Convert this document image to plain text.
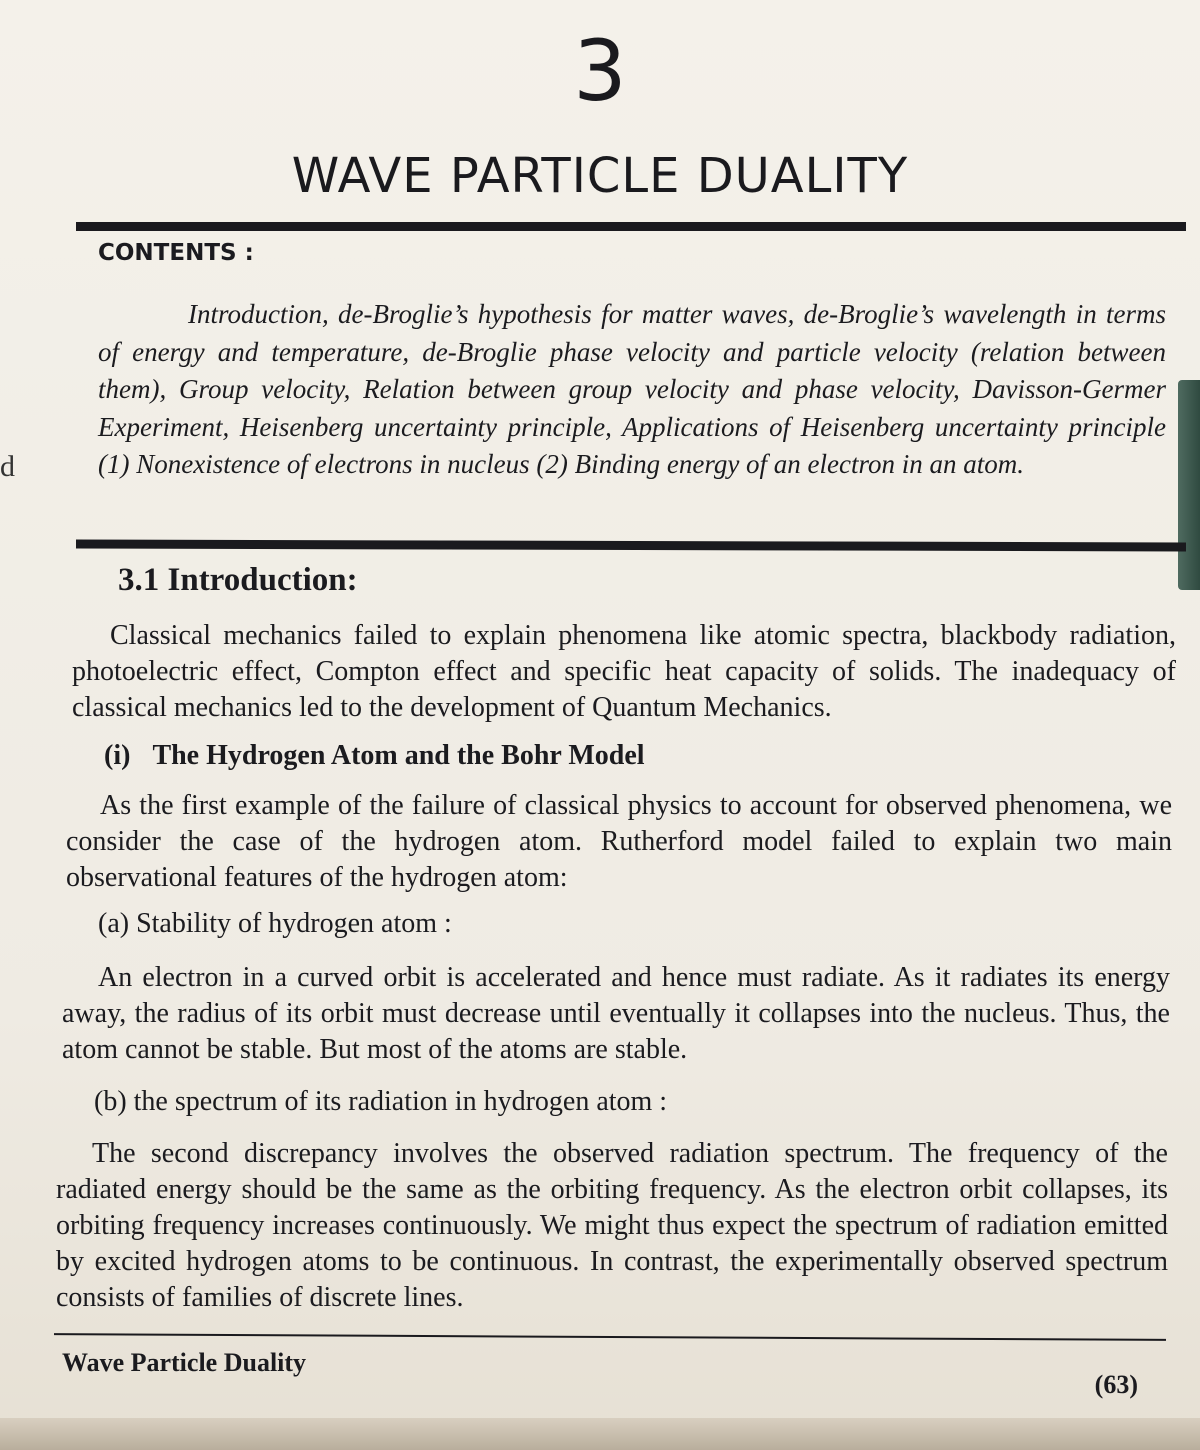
d
3
WAVE PARTICLE DUALITY
CONTENTS :
Introduction, de-Broglie’s hypothesis for matter waves, de-Broglie’s wavelength in terms of energy and temperature, de-Broglie phase velocity and particle velocity (relation between them), Group velocity, Relation between group velocity and phase velocity, Davisson-Germer Experiment, Heisenberg uncertainty principle, Applications of Heisenberg uncertainty principle (1) Nonexistence of electrons in nucleus (2) Binding energy of an electron in an atom.
3.1 Introduction:
Classical mechanics failed to explain phenomena like atomic spectra, blackbody radiation, photoelectric effect, Compton effect and specific heat capacity of solids. The inadequacy of classical mechanics led to the development of Quantum Mechanics.
(i) The Hydrogen Atom and the Bohr Model
As the first example of the failure of classical physics to account for observed phenomena, we consider the case of the hydrogen atom. Rutherford model failed to explain two main observational features of the hydrogen atom:
(a) Stability of hydrogen atom :
An electron in a curved orbit is accelerated and hence must radiate. As it radiates its energy away, the radius of its orbit must decrease until eventually it collapses into the nucleus. Thus, the atom cannot be stable. But most of the atoms are stable.
(b) the spectrum of its radiation in hydrogen atom :
The second discrepancy involves the observed radiation spectrum. The frequency of the radiated energy should be the same as the orbiting frequency. As the electron orbit collapses, its orbiting frequency increases continuously. We might thus expect the spectrum of radiation emitted by excited hydrogen atoms to be continuous. In contrast, the experimentally observed spectrum consists of families of discrete lines.
Wave Particle Duality
(63)
